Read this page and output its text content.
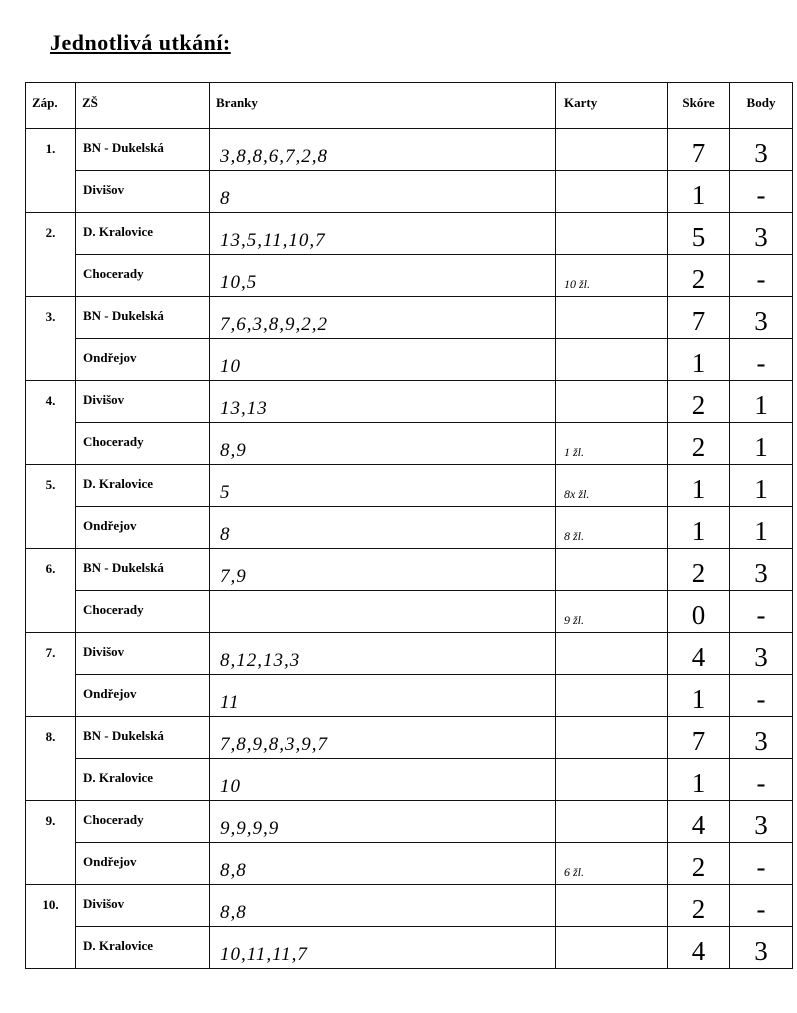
Jednotlivá utkání:
Záp.	ZŠ	Branky	Karty	Skóre	Body
1.	BN - Dukelská	3,8,8,6,7,2,8		7	3
	Divišov	8		1	-
2.	D. Kralovice	13,5,11,10,7		5	3
	Chocerady	10,5	10 žl.	2	-
3.	BN - Dukelská	7,6,3,8,9,2,2		7	3
	Ondřejov	10		1	-
4.	Divišov	13,13		2	1
	Chocerady	8,9	1 žl.	2	1
5.	D. Kralovice	5	8x žl.	1	1
	Ondřejov	8	8 žl.	1	1
6.	BN - Dukelská	7,9		2	3
	Chocerady		9 žl.	0	-
7.	Divišov	8,12,13,3		4	3
	Ondřejov	11		1	-
8.	BN - Dukelská	7,8,9,8,3,9,7		7	3
	D. Kralovice	10		1	-
9.	Chocerady	9,9,9,9		4	3
	Ondřejov	8,8	6 žl.	2	-
10.	Divišov	8,8		2	-
	D. Kralovice	10,11,11,7		4	3
